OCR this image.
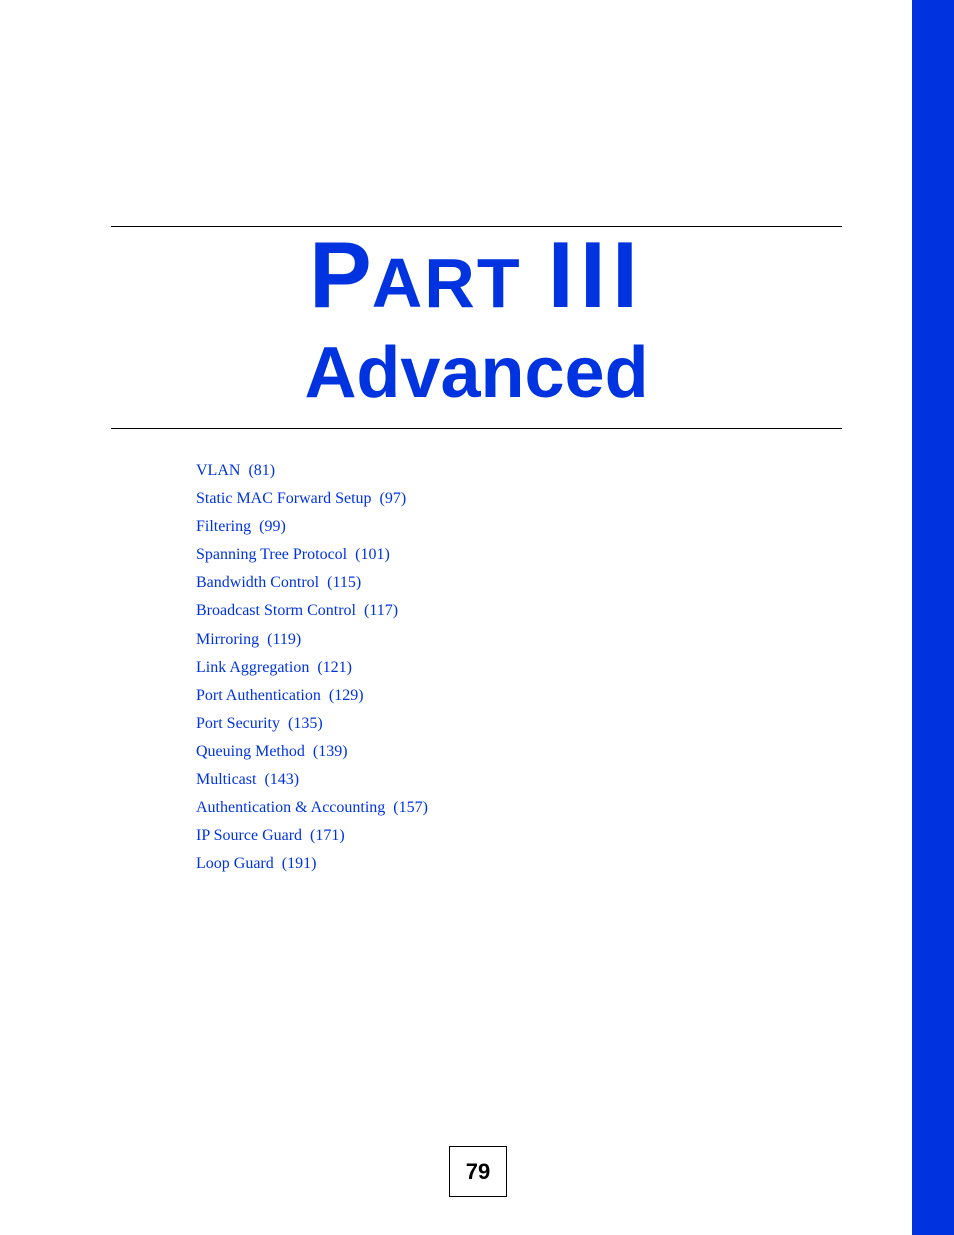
PART III
Advanced
VLAN (81)
Static MAC Forward Setup (97)
Filtering (99)
Spanning Tree Protocol (101)
Bandwidth Control (115)
Broadcast Storm Control (117)
Mirroring (119)
Link Aggregation (121)
Port Authentication (129)
Port Security (135)
Queuing Method (139)
Multicast (143)
Authentication & Accounting (157)
IP Source Guard (171)
Loop Guard (191)
79
